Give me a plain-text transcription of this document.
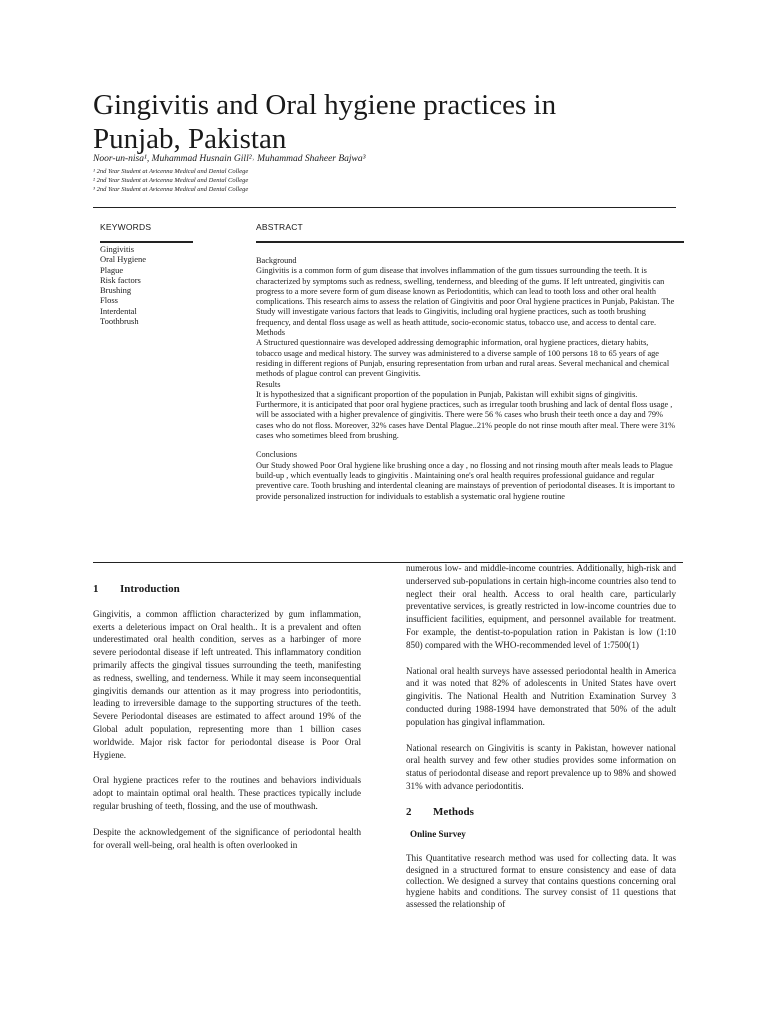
Gingivitis and Oral hygiene practices in
Punjab, Pakistan
Noor-un-nisa¹, Muhammad Husnain Gill²˒ Muhammad Shaheer Bajwa³
¹ 2nd Year Student at Avicenna Medical and Dental College
² 2nd Year Student at Avicenna Medical and Dental College
³ 2nd Year Student at Avicenna Medical and Dental College
KEYWORDS	ABSTRACT
Gingivitis
Oral Hygiene
Plague
Risk factors
Brushing
Floss
Interdental
Toothbrush

Background

Gingivitis is a common form of gum disease that involves inflammation of the gum tissues surrounding the teeth. It is characterized by symptoms such as redness, swelling, tenderness, and bleeding of the gums. If left untreated, gingivitis can progress to a more severe form of gum disease known as Periodontitis, which can lead to tooth loss and other oral health complications. This research aims to assess the relation of Gingivitis and poor Oral hygiene practices in Punjab, Pakistan. The Study will investigate various factors that leads to Gingivitis, including oral hygiene practices, such as tooth brushing frequency, and dental floss usage as well as heath attitude, socio-economic status, tobacco use, and access to dental care.

Methods

A Structured questionnaire was developed addressing demographic information, oral hygiene practices, dietary habits, tobacco usage and medical history. The survey was administered to a diverse sample of 100 persons 18 to 65 years of age residing in different regions of Punjab, ensuring representation from urban and rural areas. Several mechanical and chemical methods of plague control can prevent Gingivitis.

Results

It is hypothesized that a significant proportion of the population in Punjab, Pakistan will exhibit signs of gingivitis. Furthermore, it is anticipated that poor oral hygiene practices, such as irregular tooth brushing and lack of dental floss usage , will be associated with a higher prevalence of gingivitis. There were 56 % cases who brush their teeth once a day and 79% cases who do not floss. Moreover, 32% cases have Dental Plague..21% people do not rinse mouth after meal. There were 31% cases who sometimes bleed from brushing.

Conclusions

Our Study showed Poor Oral hygiene like brushing once a day , no flossing and not rinsing mouth after meals leads to Plague build-up , which eventually leads to gingivitis . Maintaining one's oral health requires professional guidance and regular preventive care. Tooth brushing and interdental cleaning are mainstays of prevention of periodontal diseases. It is important to provide personalized instruction for individuals to establish a systematic oral hygiene routine

1 Introduction

Gingivitis, a common affliction characterized by gum inflammation, exerts a deleterious impact on Oral health.. It is a prevalent and often underestimated oral health condition, serves as a harbinger of more severe periodontal disease if left untreated. This inflammatory condition primarily affects the gingival tissues surrounding the teeth, manifesting as redness, swelling, and tenderness. While it may seem inconsequential gingivitis demands our attention as it may progress into periodontitis, leading to irreversible damage to the supporting structures of the teeth. Severe Periodontal diseases are estimated to affect around 19% of the Global adult population, representing more than 1 billion cases worldwide. Major risk factor for periodontal disease is Poor Oral Hygiene.

Oral hygiene practices refer to the routines and behaviors individuals adopt to maintain optimal oral health. These practices typically include regular brushing of teeth, flossing, and the use of mouthwash.

Despite the acknowledgement of the significance of periodontal health for overall well-being, oral health is often overlooked in

numerous low- and middle-income countries. Additionally, high-risk and underserved sub-populations in certain high-income countries also tend to neglect their oral health. Access to oral health care, particularly preventative services, is greatly restricted in low-income countries due to insufficient facilities, equipment, and personnel available for treatment. For example, the dentist-to-population ration in Pakistan is low (1:10 850) compared with the WHO-recommended level of 1:7500(1)

National oral health surveys have assessed periodontal health in America and it was noted that 82% of adolescents in United States have overt gingivitis. The National Health and Nutrition Examination Survey 3 conducted during 1988-1994 have demonstrated that 50% of the adult population has gingival inflammation.

National research on Gingivitis is scanty in Pakistan, however national oral health survey and few other studies provides some information on status of periodontal disease and report prevalence up to 98% and showed 31% with advance periodontitis.

2 Methods

Online Survey

This Quantitative research method was used for collecting data. It was designed in a structured format to ensure consistency and ease of data collection. We designed a survey that contains questions concerning oral hygiene habits and conditions. The survey consist of 11 questions that assessed the relationship of
